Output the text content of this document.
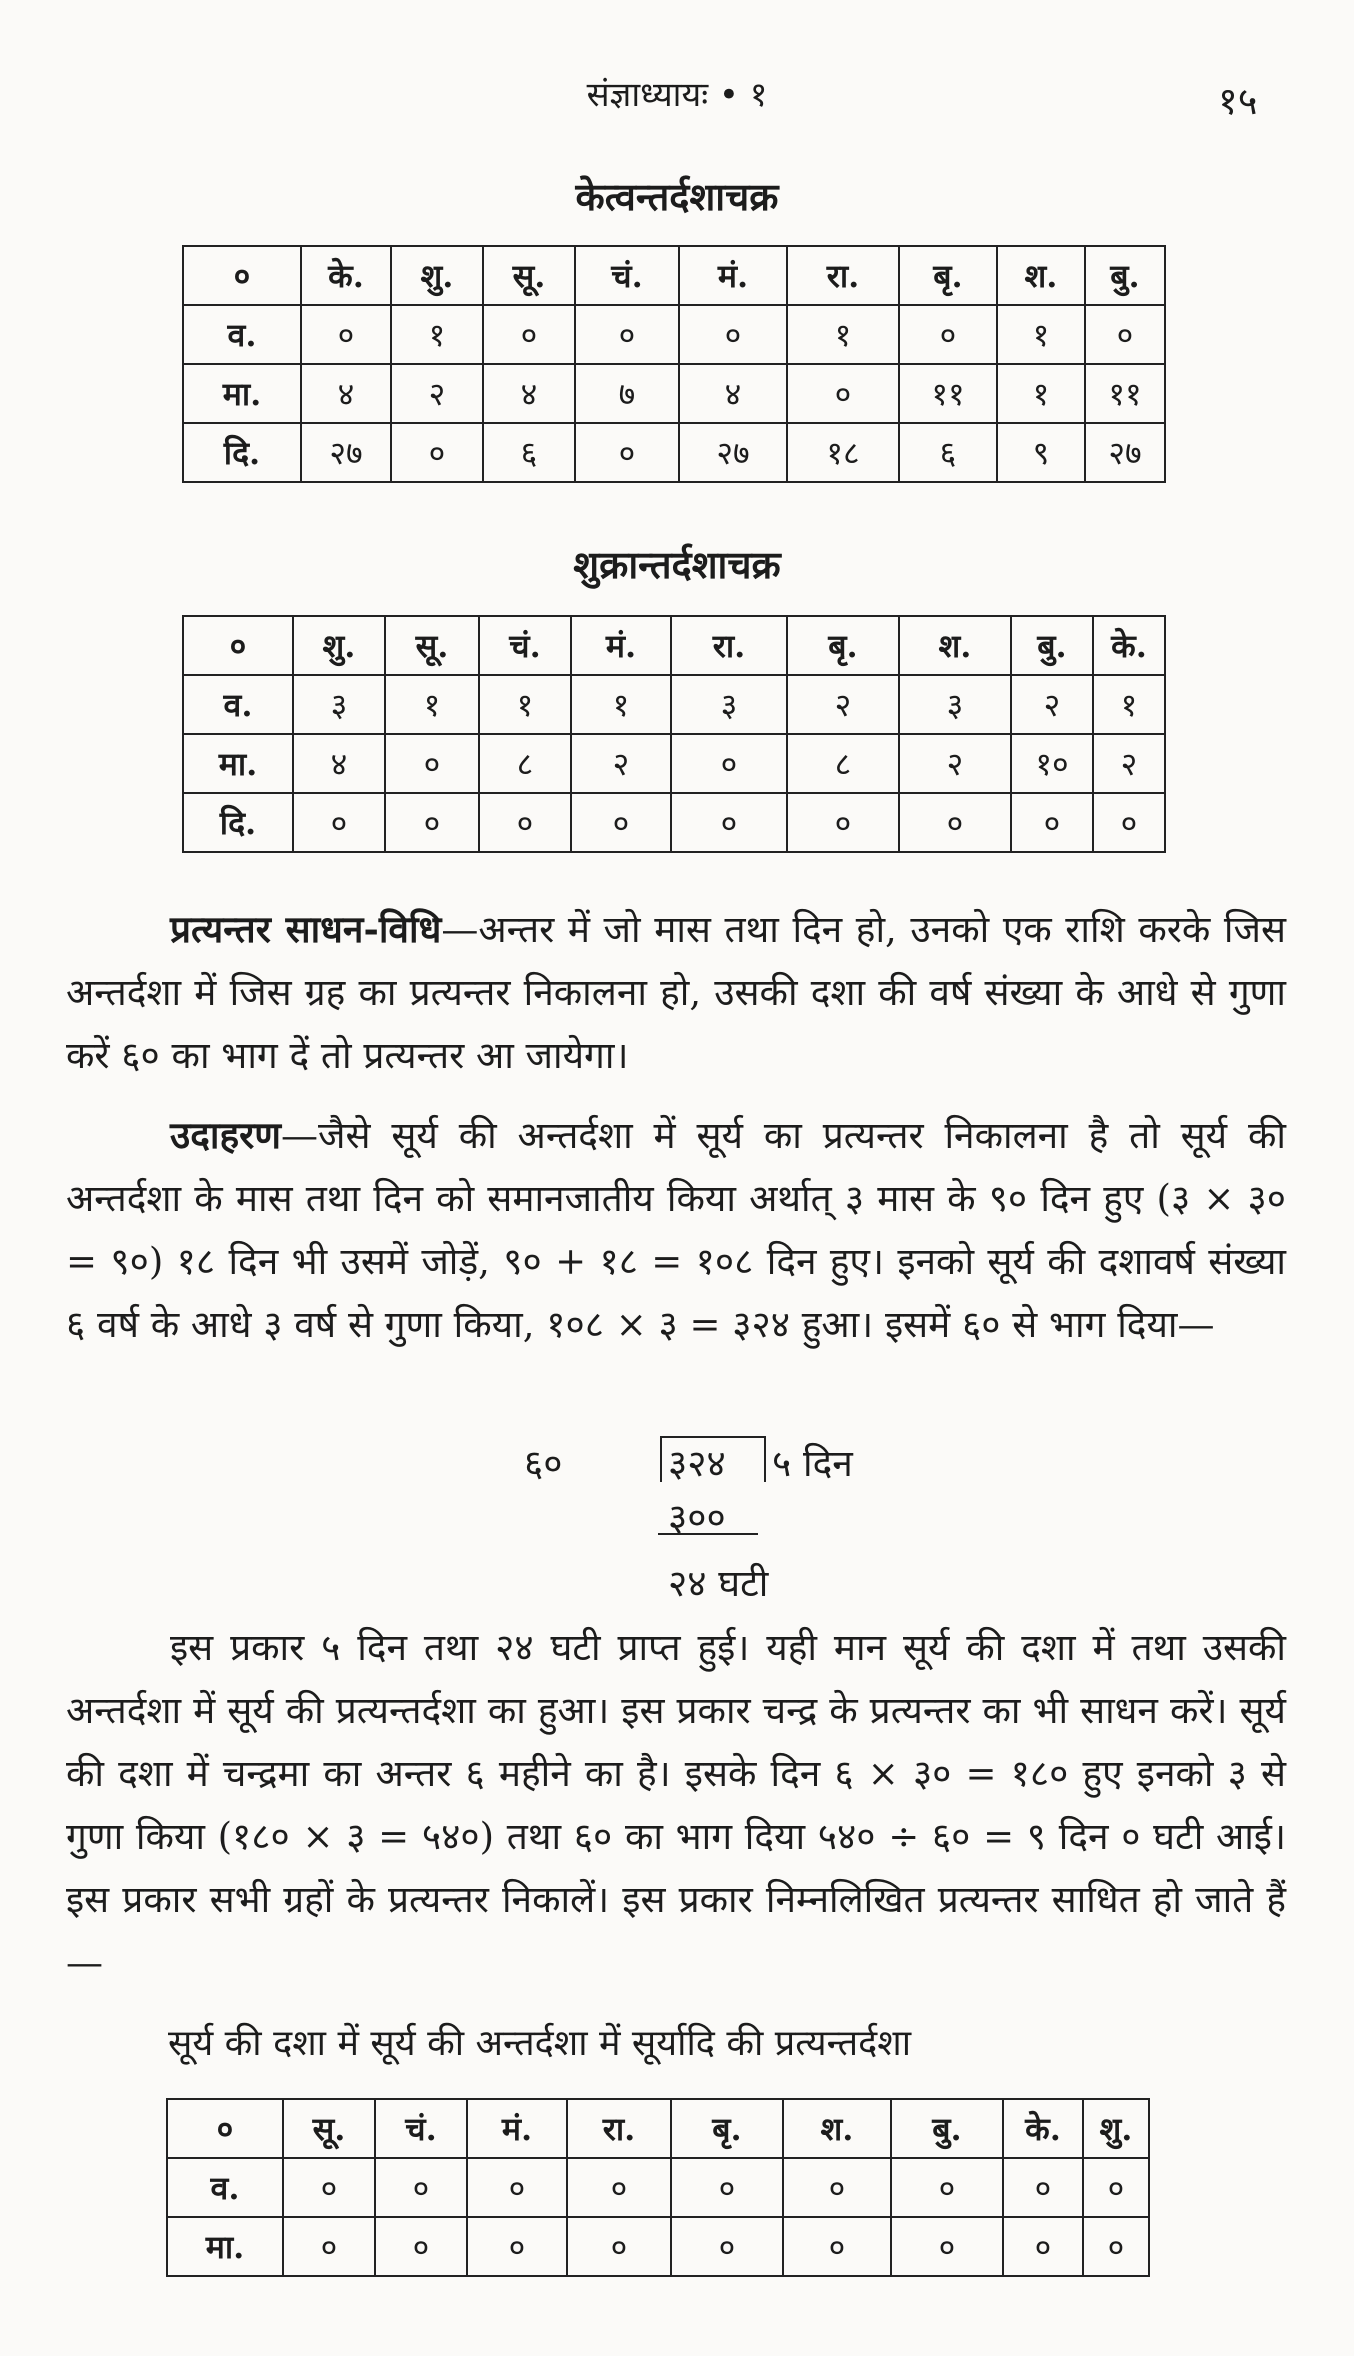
संज्ञाध्यायः • १	१५
केत्वन्तर्दशाचक्र
०	के.	शु.	सू.	चं.	मं.	रा.	बृ.	श.	बु.
व.	०	१	०	०	०	१	०	१	०
मा.	४	२	४	७	४	०	११	१	११
दि.	२७	०	६	०	२७	१८	६	९	२७
शुक्रान्तर्दशाचक्र
०	शु.	सू.	चं.	मं.	रा.	बृ.	श.	बु.	के.
व.	३	१	१	१	३	२	३	२	१
मा.	४	०	८	२	०	८	२	१०	२
दि.	०	०	०	०	०	०	०	०	०
प्रत्यन्तर साधन-विधि—अन्तर में जो मास तथा दिन हो, उनको एक राशि करके जिस अन्तर्दशा में जिस ग्रह का प्रत्यन्तर निकालना हो, उसकी दशा की वर्ष संख्या के आधे से गुणा करें ६० का भाग दें तो प्रत्यन्तर आ जायेगा।
उदाहरण—जैसे सूर्य की अन्तर्दशा में सूर्य का प्रत्यन्तर निकालना है तो सूर्य की अन्तर्दशा के मास तथा दिन को समानजातीय किया अर्थात् ३ मास के ९० दिन हुए (३ × ३० = ९०) १८ दिन भी उसमें जोड़ें, ९० + १८ = १०८ दिन हुए। इनको सूर्य की दशावर्ष संख्या ६ वर्ष के आधे ३ वर्ष से गुणा किया, १०८ × ३ = ३२४ हुआ। इसमें ६० से भाग दिया—
६०	३२४ ५ दिन
३००
२४ घटी
इस प्रकार ५ दिन तथा २४ घटी प्राप्त हुई। यही मान सूर्य की दशा में तथा उसकी अन्तर्दशा में सूर्य की प्रत्यन्तर्दशा का हुआ। इस प्रकार चन्द्र के प्रत्यन्तर का भी साधन करें। सूर्य की दशा में चन्द्रमा का अन्तर ६ महीने का है। इसके दिन ६ × ३० = १८० हुए इनको ३ से गुणा किया (१८० × ३ = ५४०) तथा ६० का भाग दिया ५४० ÷ ६० = ९ दिन ० घटी आई। इस प्रकार सभी ग्रहों के प्रत्यन्तर निकालें। इस प्रकार निम्नलिखित प्रत्यन्तर साधित हो जाते हैं—
सूर्य की दशा में सूर्य की अन्तर्दशा में सूर्यादि की प्रत्यन्तर्दशा
०	सू.	चं.	मं.	रा.	बृ.	श.	बु.	के.	शु.
व.	०	०	०	०	०	०	०	०	०
मा.	०	०	०	०	०	०	०	०	०
